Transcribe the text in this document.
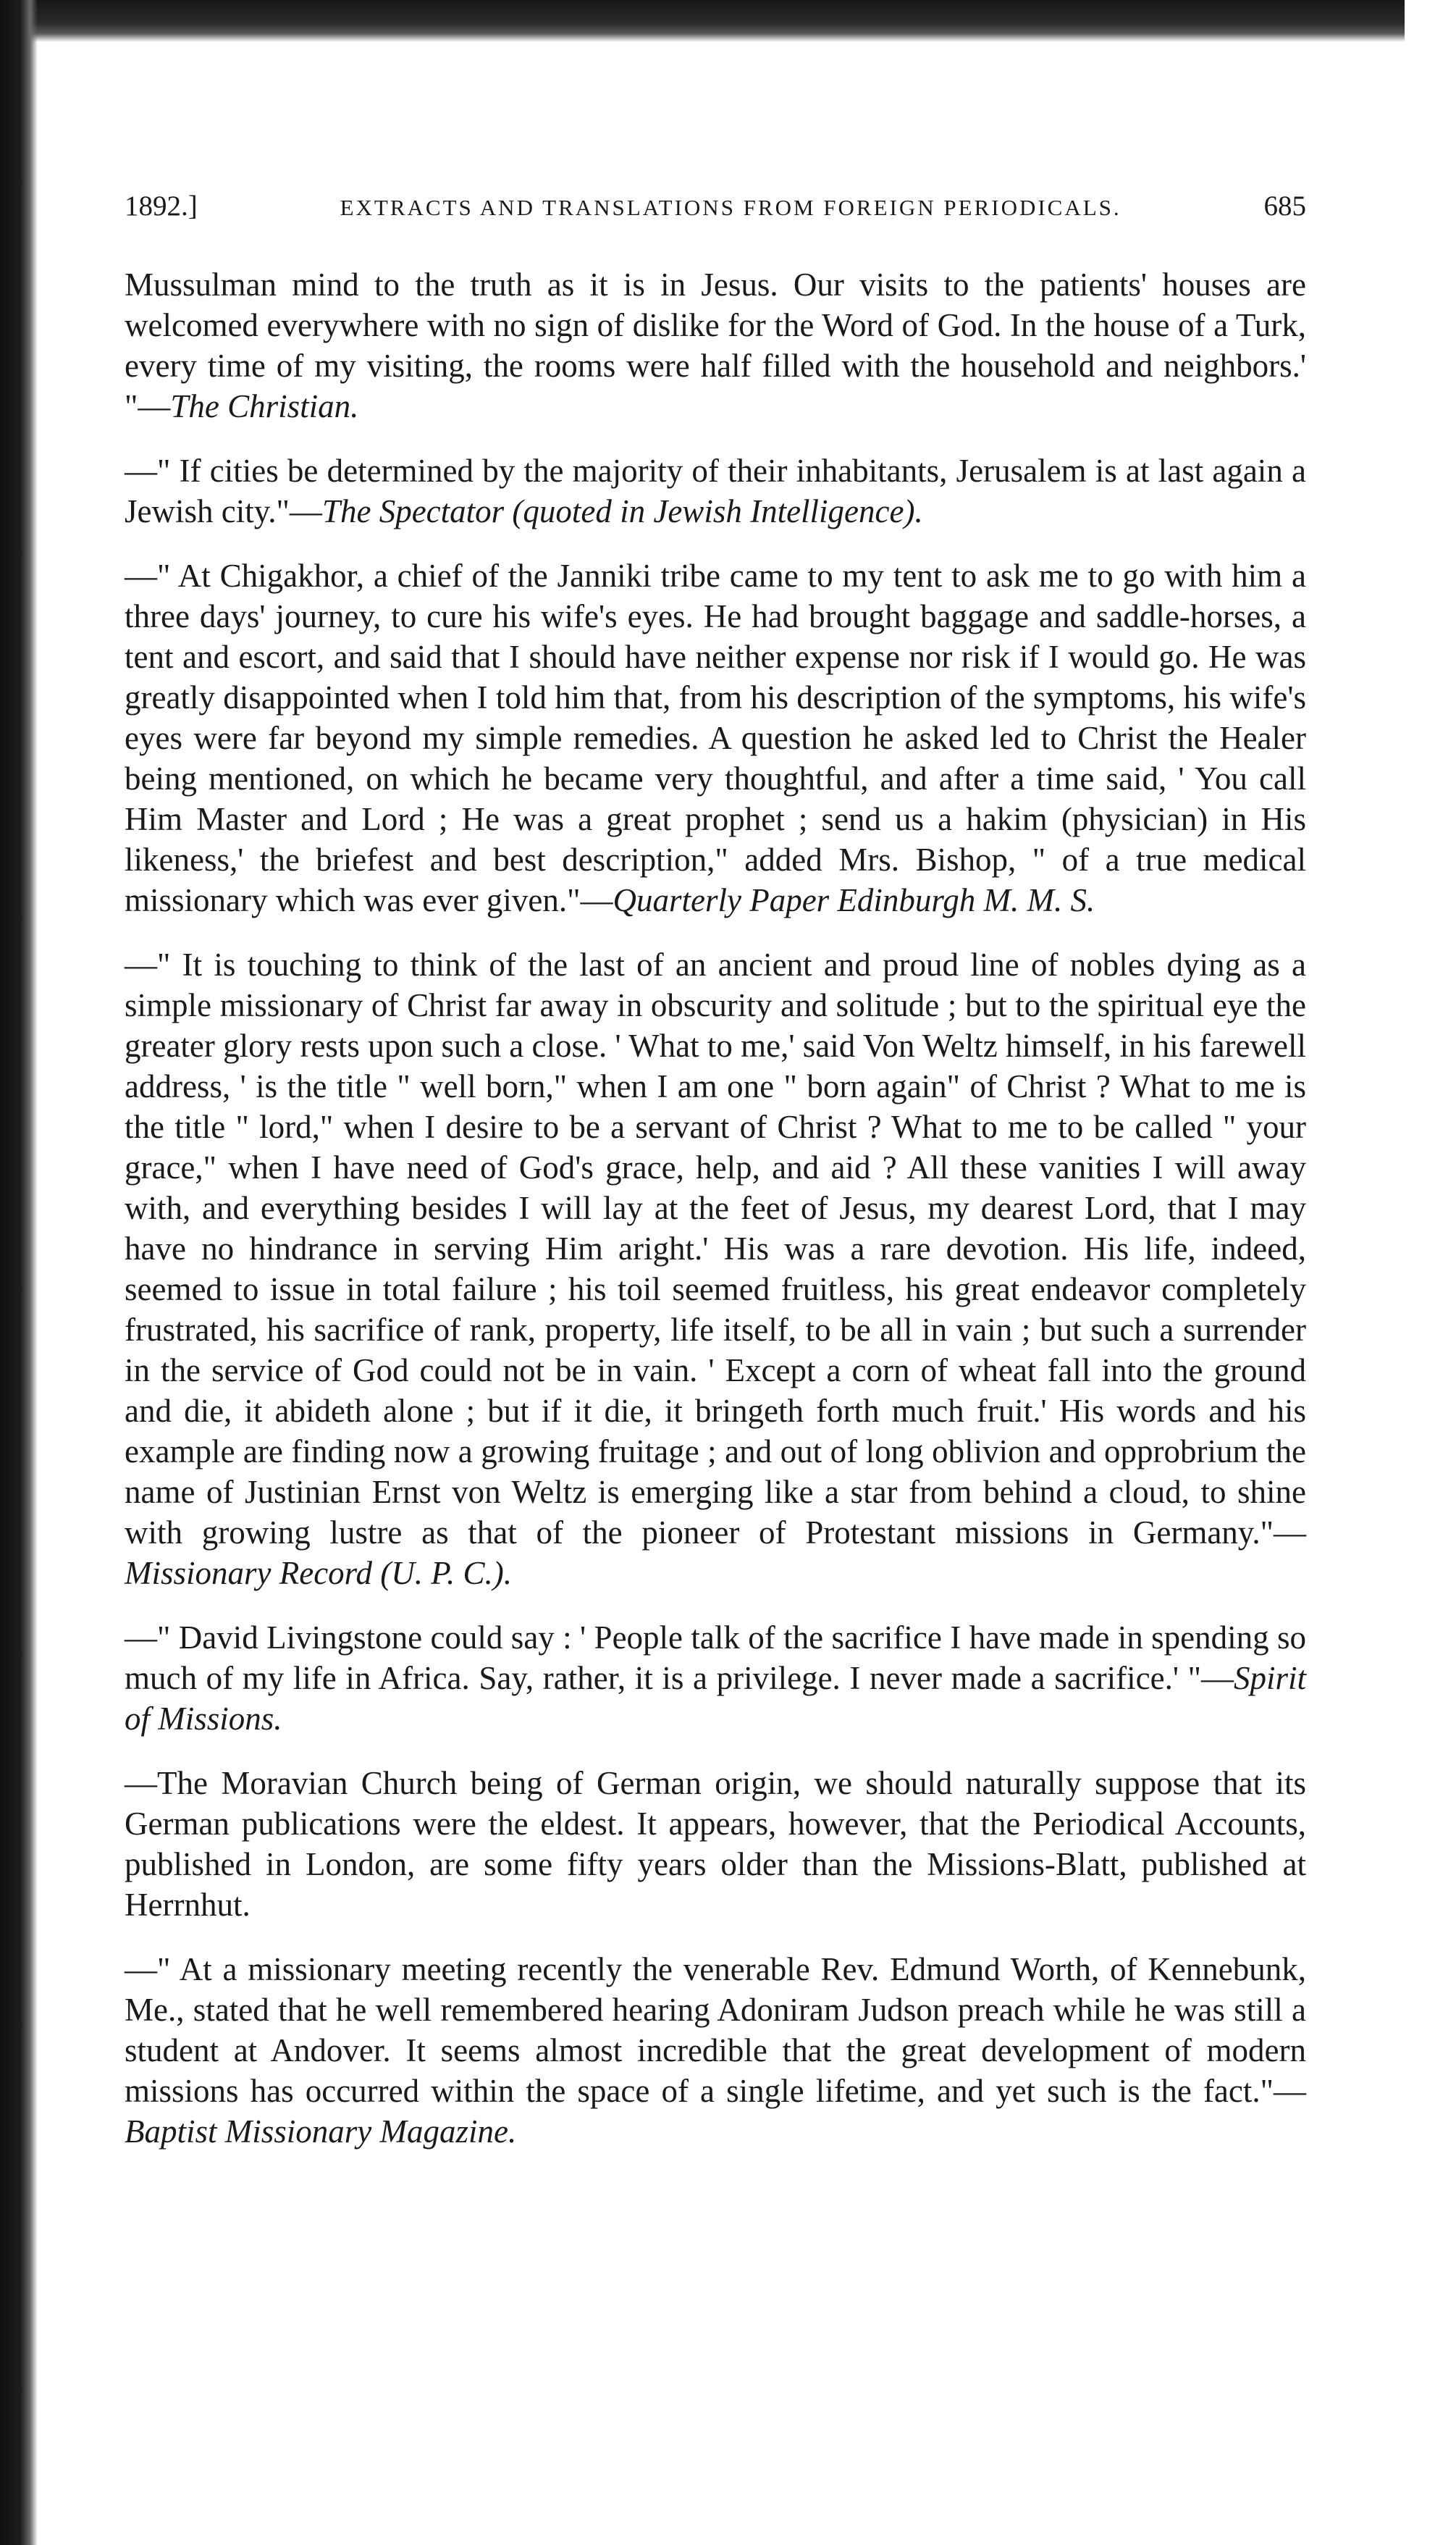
1892.]	EXTRACTS AND TRANSLATIONS FROM FOREIGN PERIODICALS.	685

Mussulman mind to the truth as it is in Jesus. Our visits to the patients' houses are welcomed everywhere with no sign of dislike for the Word of God. In the house of a Turk, every time of my visiting, the rooms were half filled with the household and neighbors.' "—The Christian.

—" If cities be determined by the majority of their inhabitants, Jerusalem is at last again a Jewish city."—The Spectator (quoted in Jewish Intelligence).

—" At Chigakhor, a chief of the Janniki tribe came to my tent to ask me to go with him a three days' journey, to cure his wife's eyes. He had brought baggage and saddle-horses, a tent and escort, and said that I should have neither expense nor risk if I would go. He was greatly disappointed when I told him that, from his description of the symptoms, his wife's eyes were far beyond my simple remedies. A question he asked led to Christ the Healer being mentioned, on which he became very thoughtful, and after a time said, ' You call Him Master and Lord ; He was a great prophet ; send us a hakim (physician) in His likeness,' the briefest and best description," added Mrs. Bishop, " of a true medical missionary which was ever given."—Quarterly Paper Edinburgh M. M. S.

—" It is touching to think of the last of an ancient and proud line of nobles dying as a simple missionary of Christ far away in obscurity and solitude ; but to the spiritual eye the greater glory rests upon such a close. ' What to me,' said Von Weltz himself, in his farewell address, ' is the title " well born," when I am one " born again" of Christ ? What to me is the title " lord," when I desire to be a servant of Christ ? What to me to be called " your grace," when I have need of God's grace, help, and aid ? All these vanities I will away with, and everything besides I will lay at the feet of Jesus, my dearest Lord, that I may have no hindrance in serving Him aright.' His was a rare devotion. His life, indeed, seemed to issue in total failure ; his toil seemed fruitless, his great endeavor completely frustrated, his sacrifice of rank, property, life itself, to be all in vain ; but such a surrender in the service of God could not be in vain. ' Except a corn of wheat fall into the ground and die, it abideth alone ; but if it die, it bringeth forth much fruit.' His words and his example are finding now a growing fruitage ; and out of long oblivion and opprobrium the name of Justinian Ernst von Weltz is emerging like a star from behind a cloud, to shine with growing lustre as that of the pioneer of Protestant missions in Germany."—Missionary Record (U. P. C.).

—" David Livingstone could say : ' People talk of the sacrifice I have made in spending so much of my life in Africa. Say, rather, it is a privilege. I never made a sacrifice.' "—Spirit of Missions.

—The Moravian Church being of German origin, we should naturally suppose that its German publications were the eldest. It appears, however, that the Periodical Accounts, published in London, are some fifty years older than the Missions-Blatt, published at Herrnhut.

—" At a missionary meeting recently the venerable Rev. Edmund Worth, of Kennebunk, Me., stated that he well remembered hearing Adoniram Judson preach while he was still a student at Andover. It seems almost incredible that the great development of modern missions has occurred within the space of a single lifetime, and yet such is the fact."—Baptist Missionary Magazine.
